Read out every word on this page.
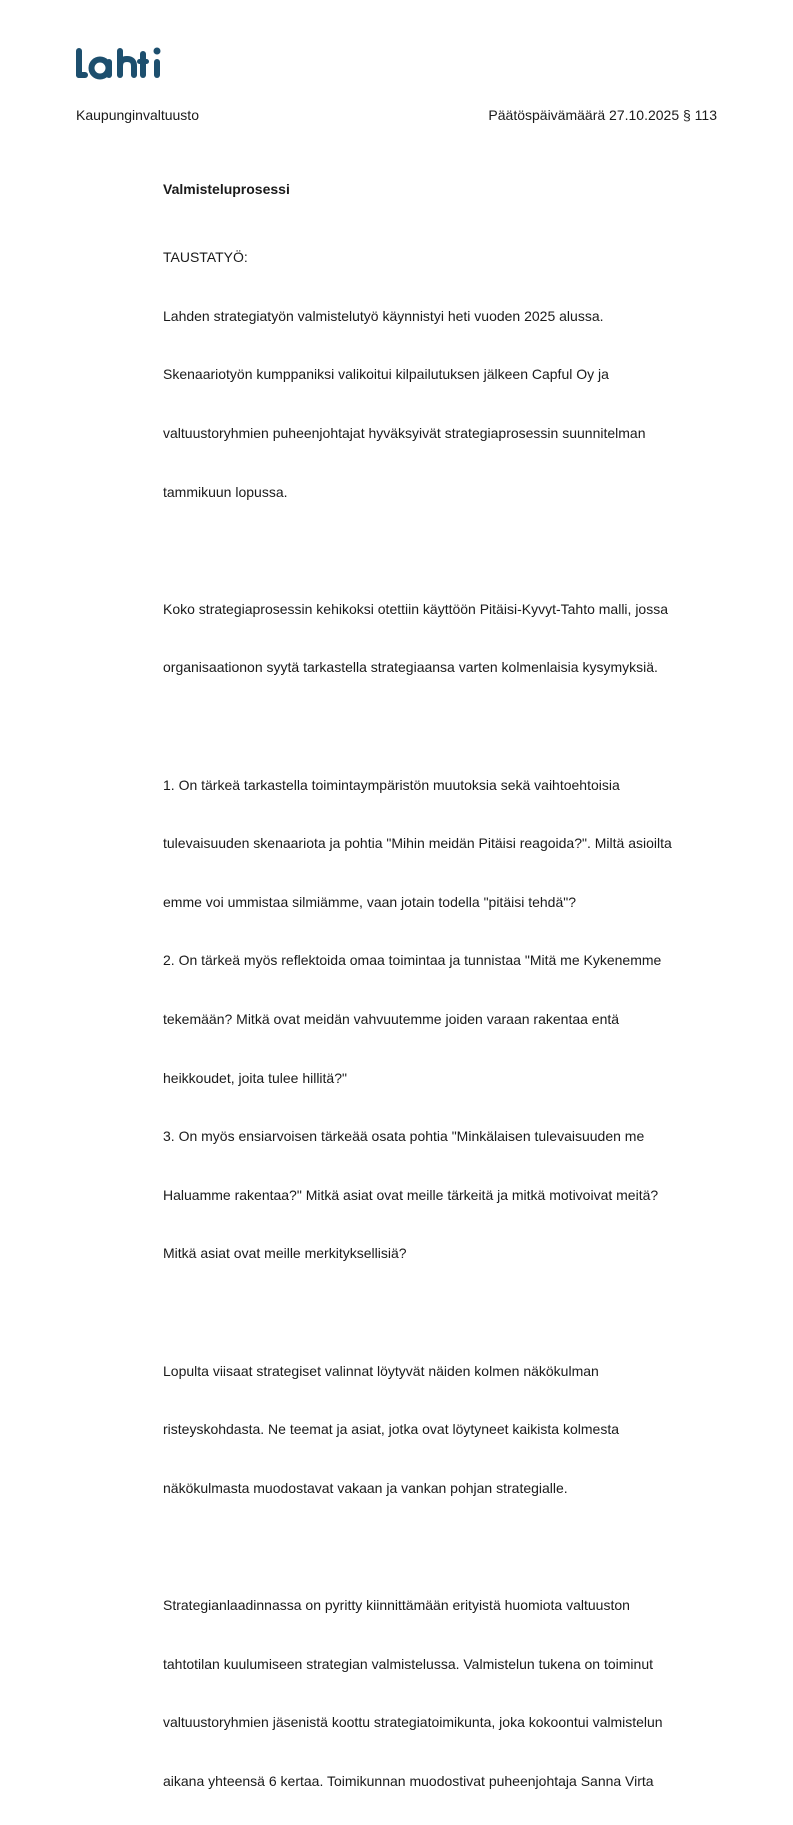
Kaupunginvaltuusto	Päätöspäivämäärä 27.10.2025 § 113
Valmisteluprosessi

TAUSTATYÖ:

Lahden strategiatyön valmistelutyö käynnistyi heti vuoden 2025 alussa.

Skenaariotyön kumppaniksi valikoitui kilpailutuksen jälkeen Capful Oy ja

valtuustoryhmien puheenjohtajat hyväksyivät strategiaprosessin suunnitelman

tammikuun lopussa.

Koko strategiaprosessin kehikoksi otettiin käyttöön Pitäisi-Kyvyt-Tahto malli, jossa

organisaationon syytä tarkastella strategiaansa varten kolmenlaisia kysymyksiä.

1. On tärkeä tarkastella toimintaympäristön muutoksia sekä vaihtoehtoisia

tulevaisuuden skenaariota ja pohtia "Mihin meidän Pitäisi reagoida?". Miltä asioilta

emme voi ummistaa silmiämme, vaan jotain todella "pitäisi tehdä"?

2. On tärkeä myös reflektoida omaa toimintaa ja tunnistaa "Mitä me Kykenemme

tekemään? Mitkä ovat meidän vahvuutemme joiden varaan rakentaa entä

heikkoudet, joita tulee hillitä?"

3. On myös ensiarvoisen tärkeää osata pohtia "Minkälaisen tulevaisuuden me

Haluamme rakentaa?" Mitkä asiat ovat meille tärkeitä ja mitkä motivoivat meitä?

Mitkä asiat ovat meille merkityksellisiä?

Lopulta viisaat strategiset valinnat löytyvät näiden kolmen näkökulman

risteyskohdasta. Ne teemat ja asiat, jotka ovat löytyneet kaikista kolmesta

näkökulmasta muodostavat vakaan ja vankan pohjan strategialle.

Strategianlaadinnassa on pyritty kiinnittämään erityistä huomiota valtuuston

tahtotilan kuulumiseen strategian valmistelussa. Valmistelun tukena on toiminut

valtuustoryhmien jäsenistä koottu strategiatoimikunta, joka kokoontui valmistelun

aikana yhteensä 6 kertaa. Toimikunnan muodostivat puheenjohtaja Sanna Virta
